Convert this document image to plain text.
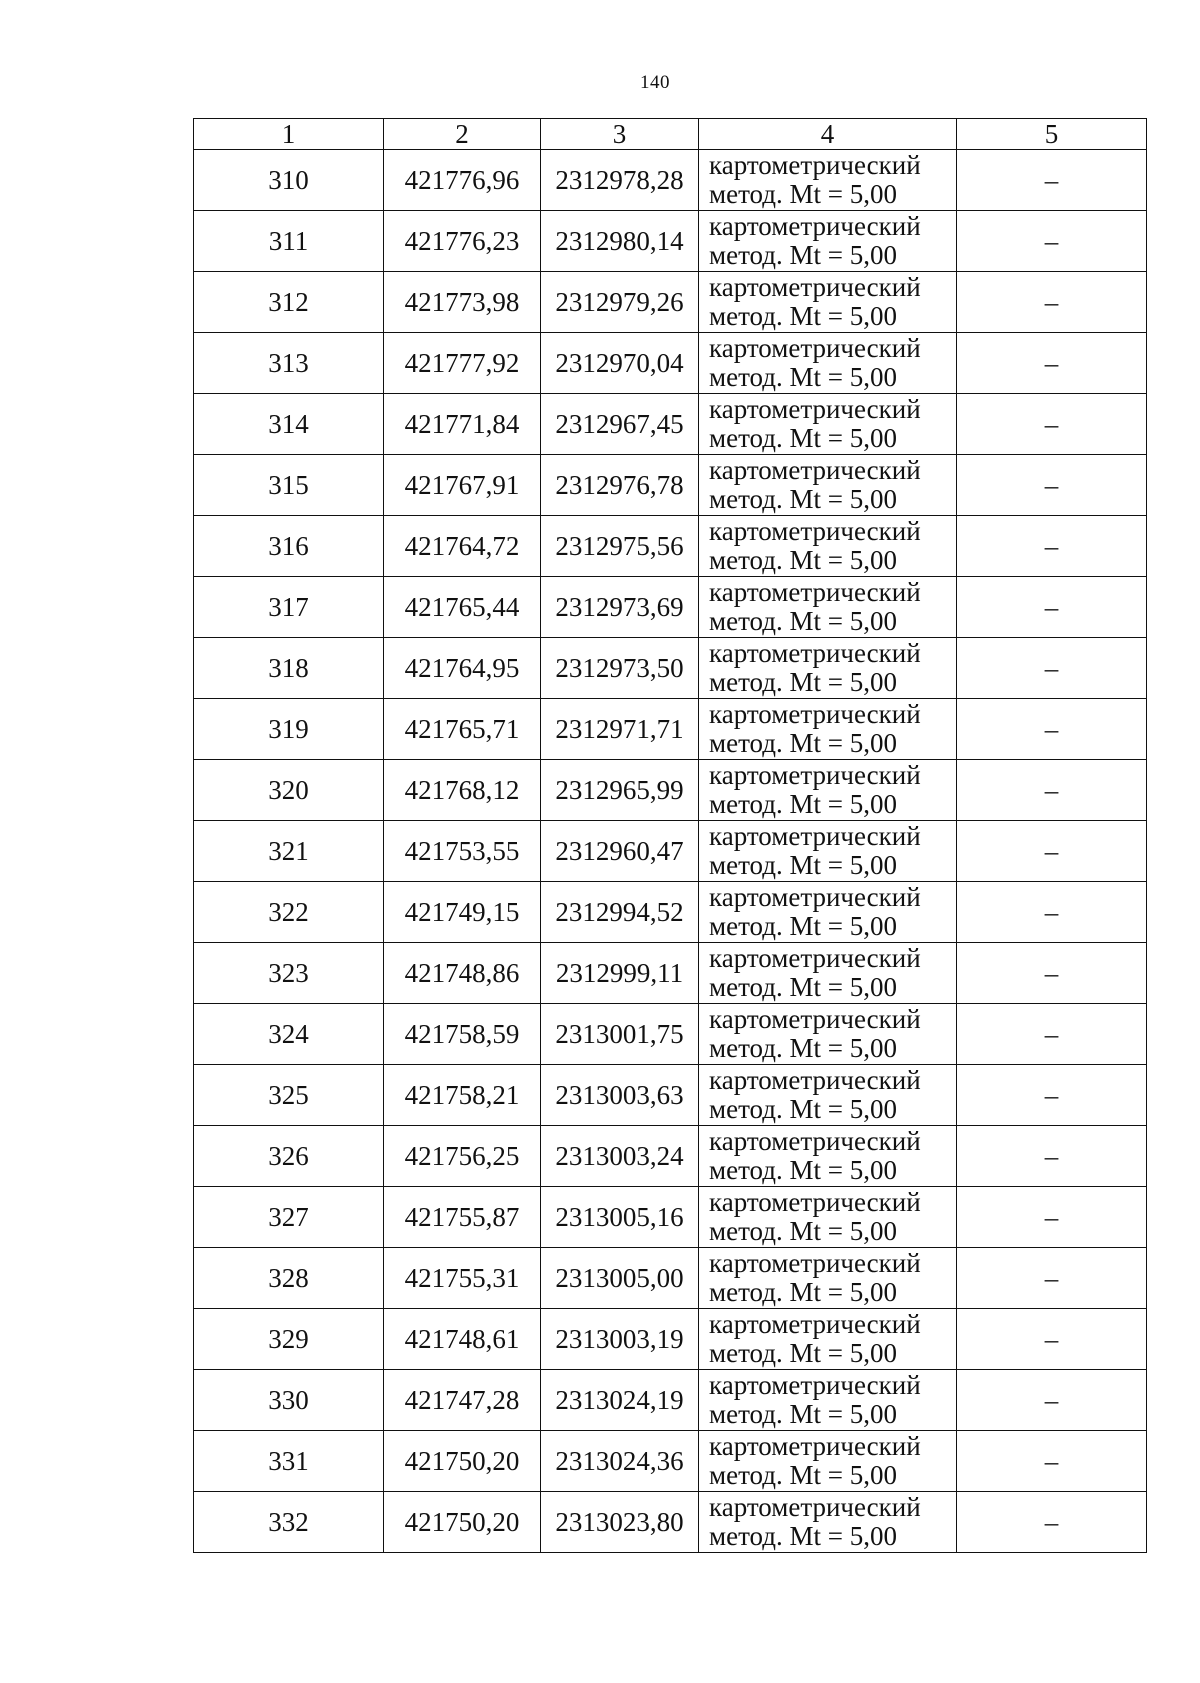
140
1	2	3	4	5
310	421776,96	2312978,28	картометрический
метод. Mt = 5,00	–
311	421776,23	2312980,14	картометрический
метод. Mt = 5,00	–
312	421773,98	2312979,26	картометрический
метод. Mt = 5,00	–
313	421777,92	2312970,04	картометрический
метод. Mt = 5,00	–
314	421771,84	2312967,45	картометрический
метод. Mt = 5,00	–
315	421767,91	2312976,78	картометрический
метод. Mt = 5,00	–
316	421764,72	2312975,56	картометрический
метод. Mt = 5,00	–
317	421765,44	2312973,69	картометрический
метод. Mt = 5,00	–
318	421764,95	2312973,50	картометрический
метод. Mt = 5,00	–
319	421765,71	2312971,71	картометрический
метод. Mt = 5,00	–
320	421768,12	2312965,99	картометрический
метод. Mt = 5,00	–
321	421753,55	2312960,47	картометрический
метод. Mt = 5,00	–
322	421749,15	2312994,52	картометрический
метод. Mt = 5,00	–
323	421748,86	2312999,11	картометрический
метод. Mt = 5,00	–
324	421758,59	2313001,75	картометрический
метод. Mt = 5,00	–
325	421758,21	2313003,63	картометрический
метод. Mt = 5,00	–
326	421756,25	2313003,24	картометрический
метод. Mt = 5,00	–
327	421755,87	2313005,16	картометрический
метод. Mt = 5,00	–
328	421755,31	2313005,00	картометрический
метод. Mt = 5,00	–
329	421748,61	2313003,19	картометрический
метод. Mt = 5,00	–
330	421747,28	2313024,19	картометрический
метод. Mt = 5,00	–
331	421750,20	2313024,36	картометрический
метод. Mt = 5,00	–
332	421750,20	2313023,80	картометрический
метод. Mt = 5,00	–
